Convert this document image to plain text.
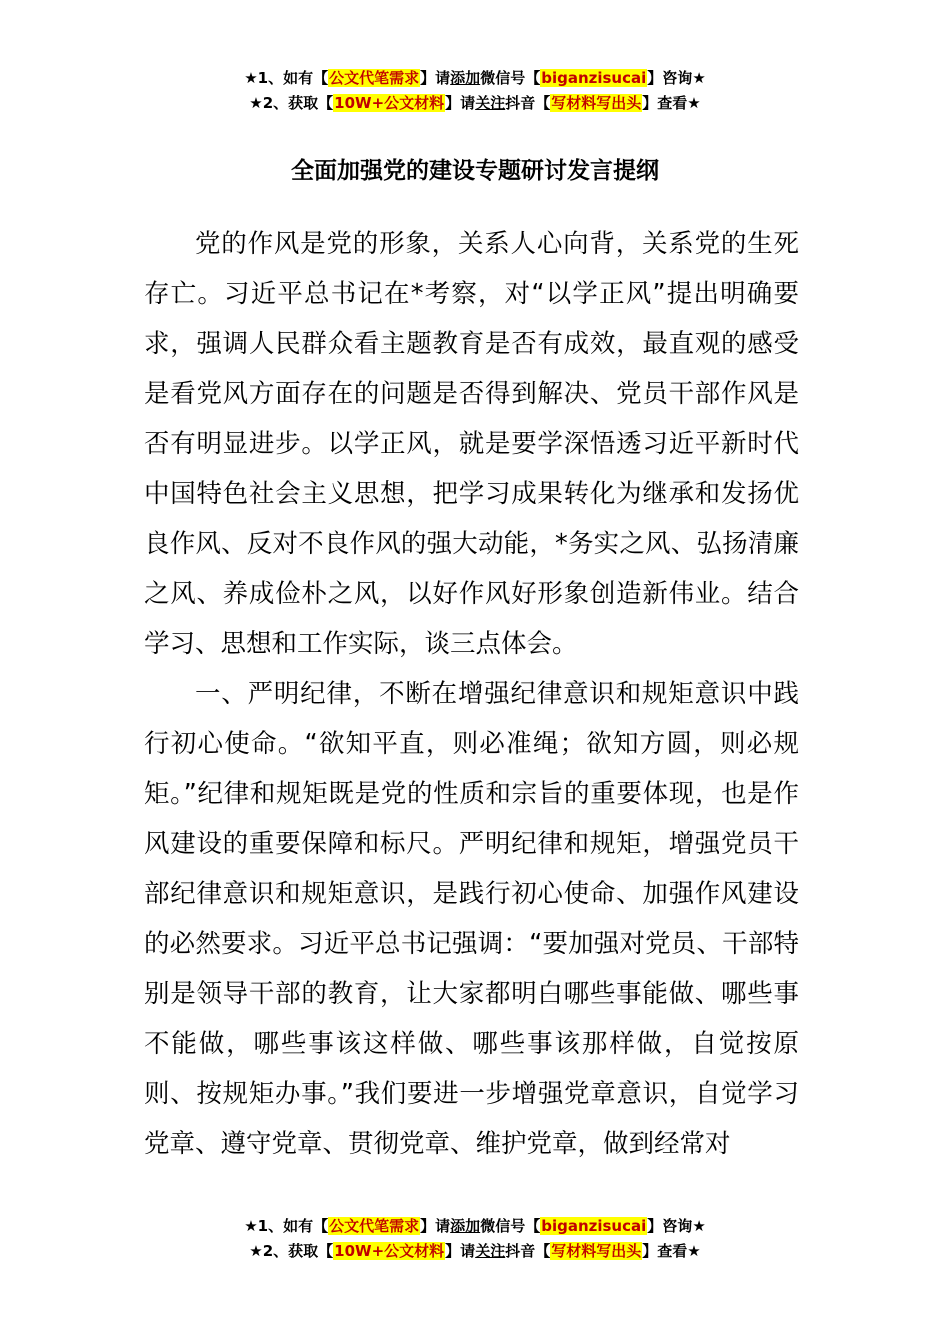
★1、如有【公文代笔需求】请添加微信号【biganzisucai】咨询★
★2、获取【10W+公文材料】请关注抖音【写材料写出头】查看★
全面加强党的建设专题研讨发言提纲

党的作风是党的形象，关系人心向背，关系党的生死存亡。习近平总书记在*考察，对“以学正风”提出明确要求，强调人民群众看主题教育是否有成效，最直观的感受是看党风方面存在的问题是否得到解决、党员干部作风是否有明显进步。以学正风，就是要学深悟透习近平新时代中国特色社会主义思想，把学习成果转化为继承和发扬优良作风、反对不良作风的强大动能，*务实之风、弘扬清廉之风、养成俭朴之风，以好作风好形象创造新伟业。结合学习、思想和工作实际，谈三点体会。

一、严明纪律，不断在增强纪律意识和规矩意识中践行初心使命。“欲知平直，则必准绳；欲知方圆，则必规矩。”纪律和规矩既是党的性质和宗旨的重要体现，也是作风建设的重要保障和标尺。严明纪律和规矩，增强党员干部纪律意识和规矩意识，是践行初心使命、加强作风建设的必然要求。习近平总书记强调：“要加强对党员、干部特别是领导干部的教育，让大家都明白哪些事能做、哪些事不能做，哪些事该这样做、哪些事该那样做，自觉按原则、按规矩办事。”我们要进一步增强党章意识，自觉学习党章、遵守党章、贯彻党章、维护党章，做到经常对

★1、如有【公文代笔需求】请添加微信号【biganzisucai】咨询★
★2、获取【10W+公文材料】请关注抖音【写材料写出头】查看★
